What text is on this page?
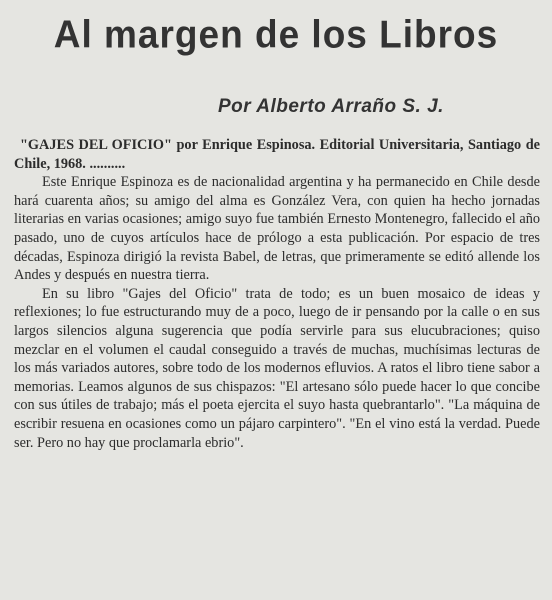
Al margen de los Libros
Por Alberto Arraño S. J.

"GAJES DEL OFICIO" por Enrique Espinosa. Editorial Universitaria, Santiago de Chile, 1968. ..........

Este Enrique Espinoza es de nacionalidad argentina y ha permanecido en Chile desde hará cuarenta años; su amigo del alma es González Vera, con quien ha hecho jornadas literarias en varias ocasiones; amigo suyo fue también Ernesto Montenegro, fallecido el año pasado, uno de cuyos artículos hace de prólogo a esta publicación. Por espacio de tres décadas, Espinoza dirigió la revista Babel, de letras, que primeramente se editó allende los Andes y después en nuestra tierra.

En su libro "Gajes del Oficio" trata de todo; es un buen mosaico de ideas y reflexiones; lo fue estructurando muy de a poco, luego de ir pensando por la calle o en sus largos silencios alguna sugerencia que podía servirle para sus elucubraciones; quiso mezclar en el volumen el caudal conseguido a través de muchas, muchísimas lecturas de los más variados autores, sobre todo de los modernos efluvios. A ratos el libro tiene sabor a memorias. Leamos algunos de sus chispazos: "El artesano sólo puede hacer lo que concibe con sus útiles de trabajo; más el poeta ejercita el suyo hasta quebrantarlo". "La máquina de escribir resuena en ocasiones como un pájaro carpintero". "En el vino está la verdad. Puede ser. Pero no hay que proclamarla ebrio".
